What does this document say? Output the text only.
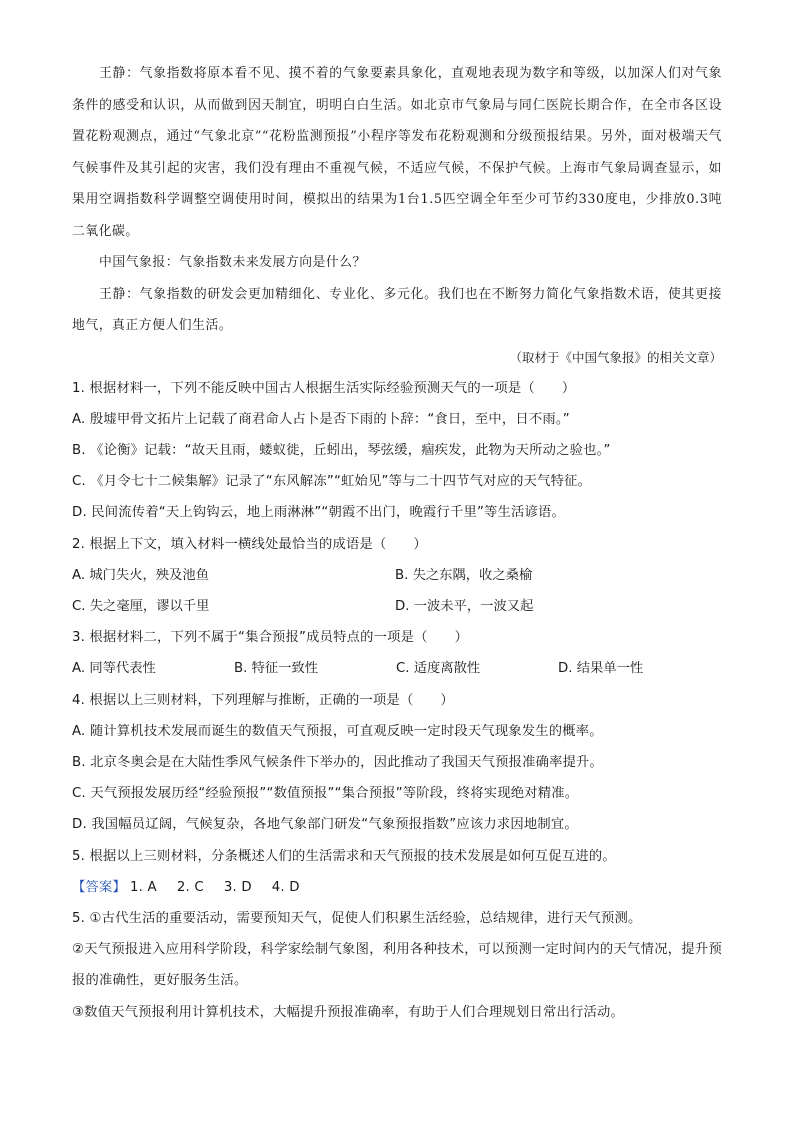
王静：气象指数将原本看不见、摸不着的气象要素具象化，直观地表现为数字和等级，以加深人们对气象条件的感受和认识，从而做到因天制宜，明明白白生活。如北京市气象局与同仁医院长期合作，在全市各区设置花粉观测点，通过“气象北京”“花粉监测预报”小程序等发布花粉观测和分级预报结果。另外，面对极端天气气候事件及其引起的灾害，我们没有理由不重视气候，不适应气候，不保护气候。上海市气象局调查显示，如果用空调指数科学调整空调使用时间，模拟出的结果为1台1.5匹空调全年至少可节约330度电，少排放0.3吨二氧化碳。

中国气象报：气象指数未来发展方向是什么？

王静：气象指数的研发会更加精细化、专业化、多元化。我们也在不断努力简化气象指数术语，使其更接地气，真正方便人们生活。

（取材于《中国气象报》的相关文章）

1. 根据材料一，下列不能反映中国古人根据生活实际经验预测天气的一项是（　　）

A. 殷墟甲骨文拓片上记载了商君命人占卜是否下雨的卜辞：“食日，至中，日不雨。”

B. 《论衡》记载：“故天且雨，蝼蚁徙，丘蚓出，琴弦缓，痼疾发，此物为天所动之验也。”

C. 《月令七十二候集解》记录了“东风解冻”“虹始见”等与二十四节气对应的天气特征。

D. 民间流传着“天上钩钩云，地上雨淋淋”“朝霞不出门，晚霞行千里”等生活谚语。

2. 根据上下文，填入材料一横线处最恰当的成语是（　　）

A. 城门失火，殃及池鱼	B. 失之东隅，收之桑榆
C. 失之毫厘，谬以千里	D. 一波未平，一波又起

3. 根据材料二，下列不属于“集合预报”成员特点的一项是（　　）

A. 同等代表性	B. 特征一致性	C. 适度离散性	D. 结果单一性

4. 根据以上三则材料，下列理解与推断，正确的一项是（　　）

A. 随计算机技术发展而诞生的数值天气预报，可直观反映一定时段天气现象发生的概率。

B. 北京冬奥会是在大陆性季风气候条件下举办的，因此推动了我国天气预报准确率提升。

C. 天气预报发展历经“经验预报”“数值预报”“集合预报”等阶段，终将实现绝对精准。

D. 我国幅员辽阔，气候复杂，各地气象部门研发“气象预报指数”应该力求因地制宜。

5. 根据以上三则材料，分条概述人们的生活需求和天气预报的技术发展是如何互促互进的。

【答案】 1. A 2. C 3. D 4. D

5. ①古代生活的重要活动，需要预知天气，促使人们积累生活经验，总结规律，进行天气预测。

②天气预报进入应用科学阶段，科学家绘制气象图，利用各种技术，可以预测一定时间内的天气情况，提升预报的准确性，更好服务生活。

③数值天气预报利用计算机技术，大幅提升预报准确率，有助于人们合理规划日常出行活动。
